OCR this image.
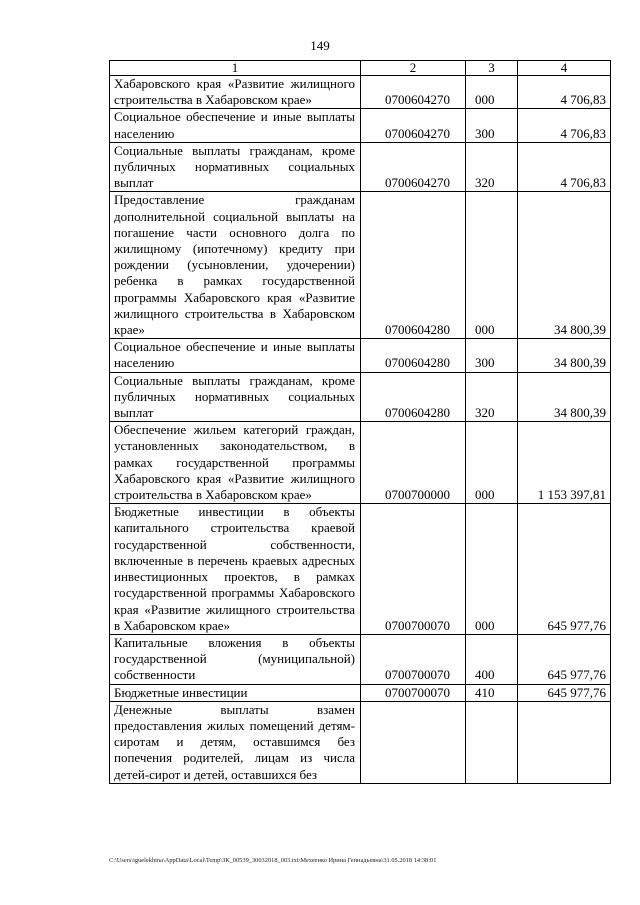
149
1	2	3	4
Хабаровского края «Развитие жилищного строительства в Хабаровском крае»	0700604270	000	4 706,83
Социальное обеспечение и иные выплаты населению	0700604270	300	4 706,83
Социальные выплаты гражданам, кроме публичных нормативных социальных выплат	0700604270	320	4 706,83
Предоставление гражданам дополнительной социальной выплаты на погашение части основного долга по жилищному (ипотечному) кредиту при рождении (усыновлении, удочерении) ребенка в рамках государственной программы Хабаровского края «Развитие жилищного строительства в Хабаровском крае»	0700604280	000	34 800,39
Социальное обеспечение и иные выплаты населению	0700604280	300	34 800,39
Социальные выплаты гражданам, кроме публичных нормативных социальных выплат	0700604280	320	34 800,39
Обеспечение жильем категорий граждан, установленных законодательством, в рамках государственной программы Хабаровского края «Развитие жилищного строительства в Хабаровском крае»	0700700000	000	1 153 397,81
Бюджетные инвестиции в объекты капитального строительства краевой государственной собственности, включенные в перечень краевых адресных инвестиционных проектов, в рамках государственной программы Хабаровского края «Развитие жилищного строительства в Хабаровском крае»	0700700070	000	645 977,76
Капитальные вложения в объекты государственной (муниципальной) собственности	0700700070	400	645 977,76
Бюджетные инвестиции	0700700070	410	645 977,76
Денежные выплаты взамен предоставления жилых помещений детям-сиротам и детям, оставшимся без попечения родителей, лицам из числа детей-сирот и детей, оставшихся без			
C:\Users\iguelekhina\AppData\Local\Temp\ЗК_00539_30032018_003.txt\Мехеенко Ирина Геннадьевна\31.05.2018 14:38:01
